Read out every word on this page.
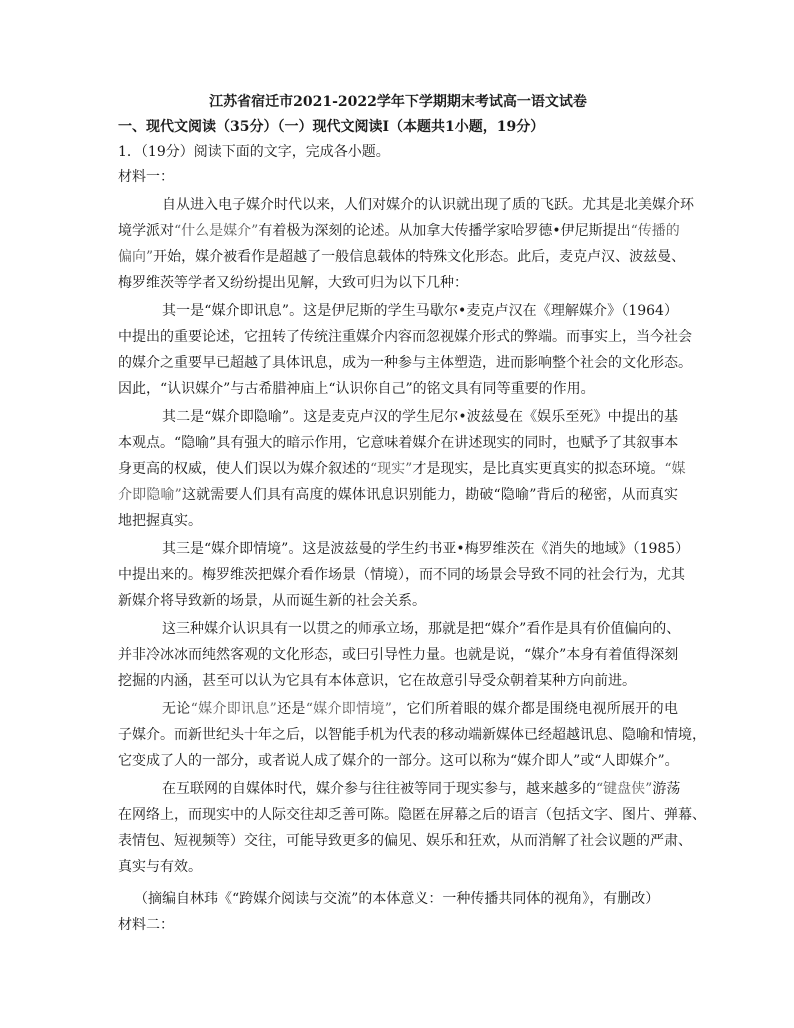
江苏省宿迁市2021-2022学年下学期期末考试高一语文试卷
一、现代文阅读（35分）（一）现代文阅读Ⅰ（本题共1小题，19分）
1．（19分）阅读下面的文字，完成各小题。
材料一：
自从进入电子媒介时代以来，人们对媒介的认识就出现了质的飞跃。尤其是北美媒介环
境学派对“什么是媒介”有着极为深刻的论述。从加拿大传播学家哈罗德•伊尼斯提出“传播的
偏向”开始，媒介被看作是超越了一般信息载体的特殊文化形态。此后，麦克卢汉、波兹曼、
梅罗维茨等学者又纷纷提出见解，大致可归为以下几种：
其一是“媒介即讯息”。这是伊尼斯的学生马歇尔•麦克卢汉在《理解媒介》（1964）
中提出的重要论述，它扭转了传统注重媒介内容而忽视媒介形式的弊端。而事实上，当今社会
的媒介之重要早已超越了具体讯息，成为一种参与主体塑造，进而影响整个社会的文化形态。
因此，“认识媒介”与古希腊神庙上“认识你自己”的铭文具有同等重要的作用。
其二是“媒介即隐喻”。这是麦克卢汉的学生尼尔•波兹曼在《娱乐至死》中提出的基
本观点。“隐喻”具有强大的暗示作用，它意味着媒介在讲述现实的同时，也赋予了其叙事本
身更高的权威，使人们误以为媒介叙述的“现实”才是现实，是比真实更真实的拟态环境。“媒
介即隐喻”这就需要人们具有高度的媒体讯息识别能力，勘破“隐喻”背后的秘密，从而真实
地把握真实。
其三是“媒介即情境”。这是波兹曼的学生约书亚•梅罗维茨在《消失的地域》（1985）
中提出来的。梅罗维茨把媒介看作场景（情境），而不同的场景会导致不同的社会行为，尤其
新媒介将导致新的场景，从而诞生新的社会关系。
这三种媒介认识具有一以贯之的师承立场，那就是把“媒介”看作是具有价值偏向的、
并非冷冰冰而纯然客观的文化形态，或曰引导性力量。也就是说，“媒介”本身有着值得深刻
挖掘的内涵，甚至可以认为它具有本体意识，它在故意引导受众朝着某种方向前进。
无论“媒介即讯息”还是“媒介即情境”，它们所着眼的媒介都是围绕电视所展开的电
子媒介。而新世纪头十年之后，以智能手机为代表的移动端新媒体已经超越讯息、隐喻和情境，
它变成了人的一部分，或者说人成了媒介的一部分。这可以称为“媒介即人”或“人即媒介”。
在互联网的自媒体时代，媒介参与往往被等同于现实参与，越来越多的“键盘侠”游荡
在网络上，而现实中的人际交往却乏善可陈。隐匿在屏幕之后的语言（包括文字、图片、弹幕、
表情包、短视频等）交往，可能导致更多的偏见、娱乐和狂欢，从而消解了社会议题的严肃、
真实与有效。
（摘编自林玮《“跨媒介阅读与交流”的本体意义：一种传播共同体的视角》，有删改）
材料二：
